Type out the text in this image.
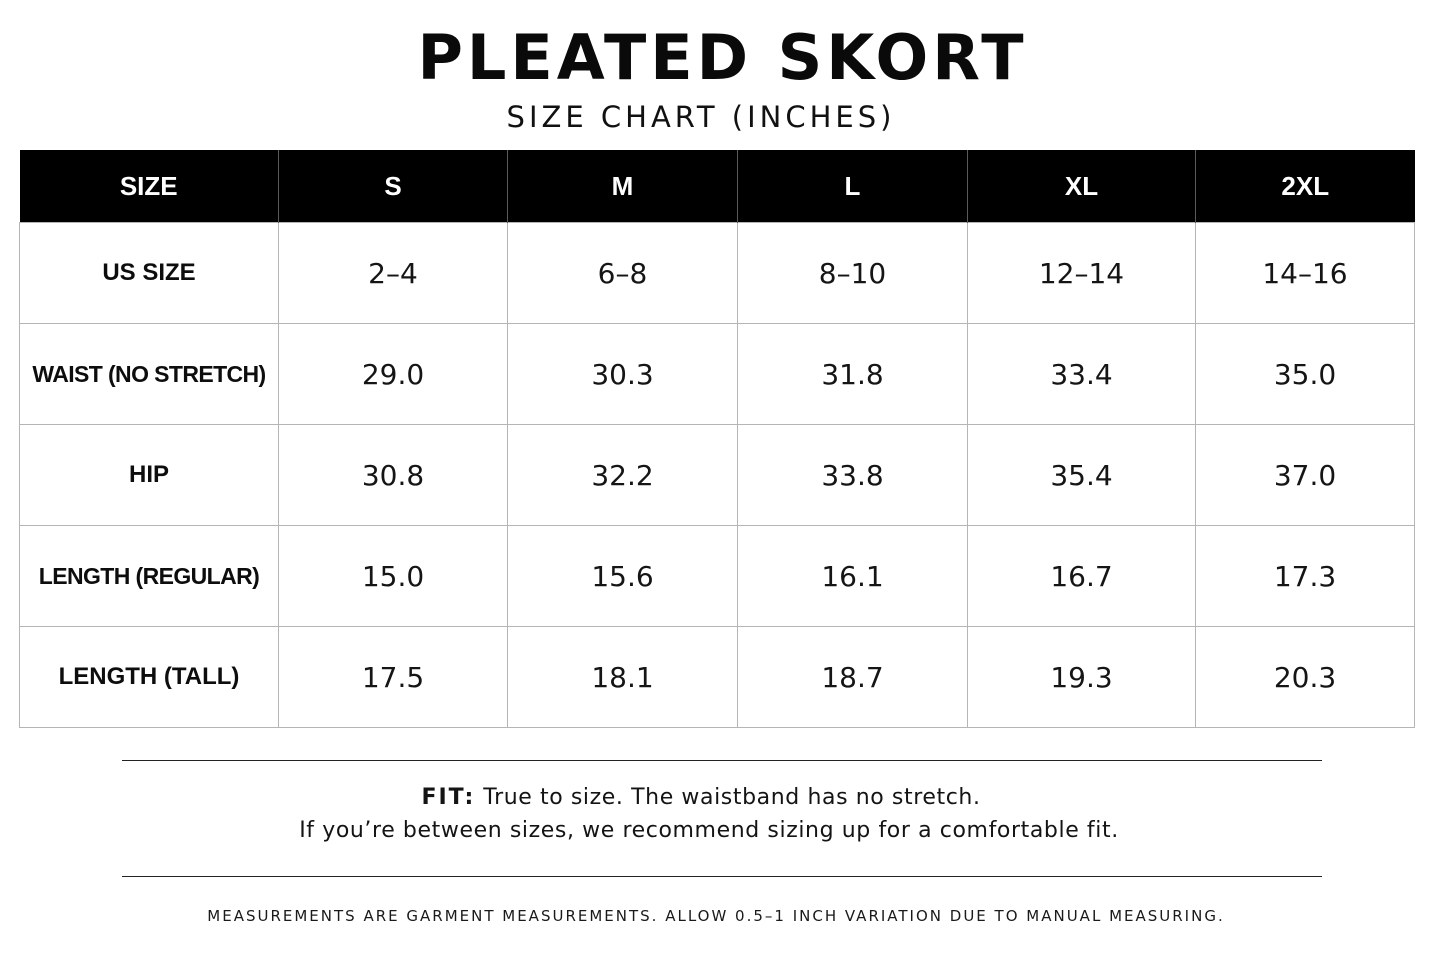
PLEATED SKORT
SIZE CHART (INCHES)
SIZE	S	M	L	XL	2XL
US SIZE	2–4	6–8	8–10	12–14	14–16
WAIST (NO STRETCH)	29.0	30.3	31.8	33.4	35.0
HIP	30.8	32.2	33.8	35.4	37.0
LENGTH (REGULAR)	15.0	15.6	16.1	16.7	17.3
LENGTH (TALL)	17.5	18.1	18.7	19.3	20.3
FIT: True to size. The waistband has no stretch.
If you’re between sizes, we recommend sizing up for a comfortable fit.
MEASUREMENTS ARE GARMENT MEASUREMENTS. ALLOW 0.5–1 INCH VARIATION DUE TO MANUAL MEASURING.
